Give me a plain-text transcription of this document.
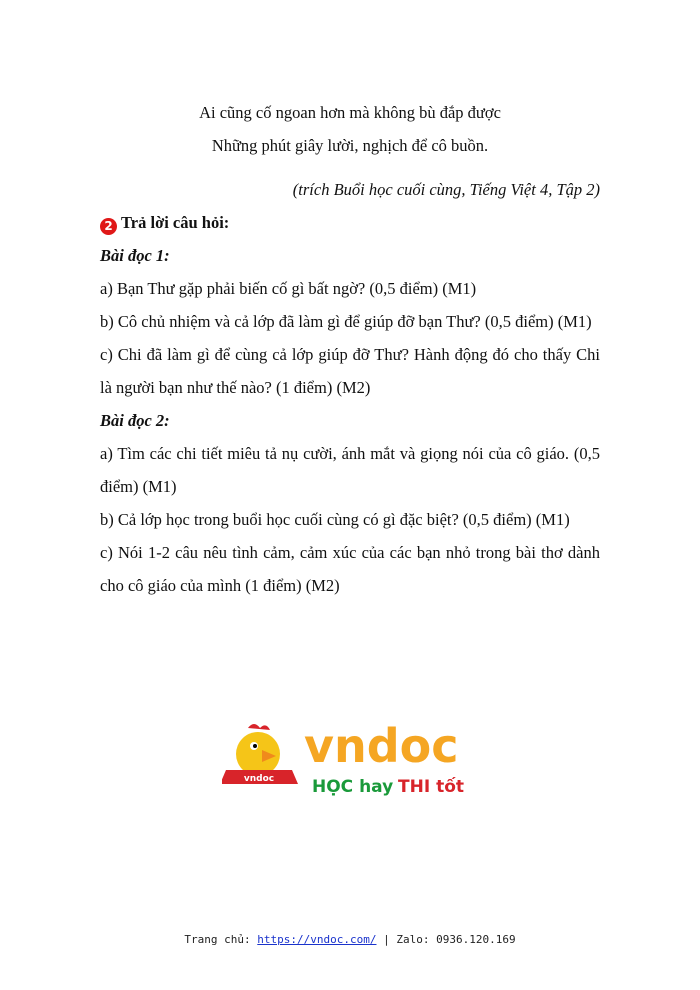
Ai cũng cố ngoan hơn mà không bù đắp được
Những phút giây lười, nghịch để cô buồn.
(trích Buổi học cuối cùng, Tiếng Việt 4, Tập 2)
2 Trả lời câu hỏi:
Bài đọc 1:
a) Bạn Thư gặp phải biến cố gì bất ngờ? (0,5 điểm) (M1)
b) Cô chủ nhiệm và cả lớp đã làm gì để giúp đỡ bạn Thư? (0,5 điểm) (M1)
c) Chi đã làm gì để cùng cả lớp giúp đỡ Thư? Hành động đó cho thấy Chi là người bạn như thế nào? (1 điểm) (M2)
Bài đọc 2:
a) Tìm các chi tiết miêu tả nụ cười, ánh mắt và giọng nói của cô giáo. (0,5 điểm) (M1)
b) Cả lớp học trong buổi học cuối cùng có gì đặc biệt? (0,5 điểm) (M1)
c) Nói 1-2 câu nêu tình cảm, cảm xúc của các bạn nhỏ trong bài thơ dành cho cô giáo của mình (1 điểm) (M2)
vndoc
vndoc
HỌC hay THI tốt
Trang chủ: https://vndoc.com/ | Zalo: 0936.120.169
